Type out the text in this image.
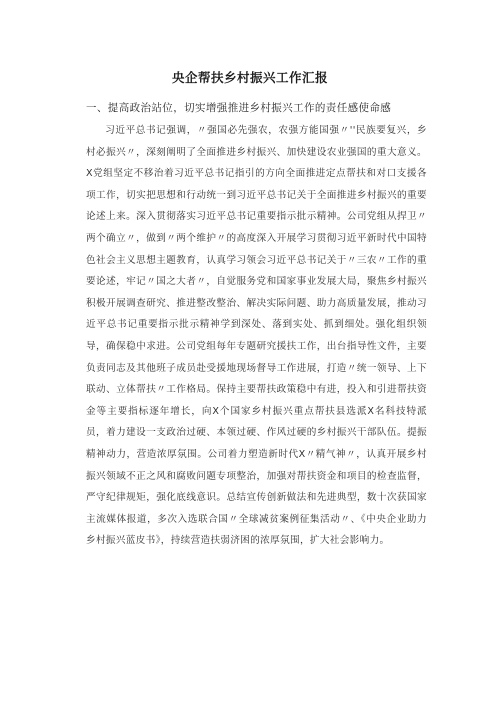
央企帮扶乡村振兴工作汇报
一、提高政治站位，切实增强推进乡村振兴工作的责任感使命感

习近平总书记强调，〃强国必先强农，农强方能国强〃''民族要复兴，乡村必振兴〃，深刻阐明了全面推进乡村振兴、加快建设农业强国的重大意义。X党组坚定不移治着习近平总书记指引的方向全面推进定点帮扶和对口支援各项工作，切实把思想和行动统一到习近平总书记关于全面推进乡村振兴的重要论述上来。深入贯彻落实习近平总书记重要指示批示精神。公司党组从捍卫〃两个确立〃，做到〃两个维护〃的高度深入开展学习贯彻习近平新时代中国特色社会主义思想主题教育，认真学习领会习近平总书记关于〃三农〃工作的重要论述，牢记〃国之大者〃，自觉服务党和国家事业发展大局，聚焦乡村振兴积极开展调查研究、推进整改整治、解决实际问题、助力高质量发展，推动习近平总书记重要指示批示精神学到深处、落到实处、抓到细处。强化组织领导，确保稳中求进。公司党组每年专题研究援扶工作，出台指导性文件，主要负责同志及其他班子成员赴受援地现场督导工作进展，打造〃统一领导、上下联动、立体帮扶〃工作格局。保持主要帮扶政策稳中有进，投入和引进帮扶资金等主要指标逐年增长，向X个国家乡村振兴重点帮扶县选派X名科技特派员，着力建设一支政治过硬、本领过硬、作风过硬的乡村振兴干部队伍。提振精神动力，营造浓厚氛围。公司着力塑造新时代X〃精气神〃，认真开展乡村振兴领域不正之风和腐败问题专项整治，加强对帮扶资金和项目的检查监督，严守纪律规矩，强化底线意识。总结宣传创新做法和先进典型，数十次获国家主流媒体报道，多次入选联合国〃全球减贫案例征集活动〃、《中央企业助力乡村振兴蓝皮书》，持续营造扶弱济困的浓厚氛围，扩大社会影响力。
